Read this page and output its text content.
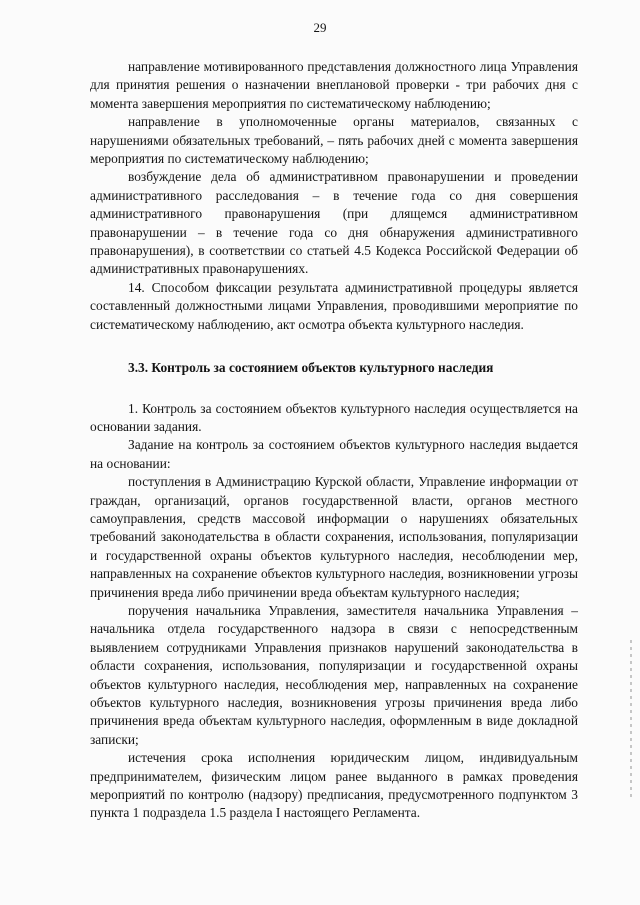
29

направление мотивированного представления должностного лица Управления для принятия решения о назначении внеплановой проверки - три рабочих дня с момента завершения мероприятия по систематическому наблюдению;

направление в уполномоченные органы материалов, связанных с нарушениями обязательных требований, – пять рабочих дней с момента завершения мероприятия по систематическому наблюдению;

возбуждение дела об административном правонарушении и проведении административного расследования – в течение года со дня совершения административного правонарушения (при длящемся административном правонарушении – в течение года со дня обнаружения административного правонарушения), в соответствии со статьей 4.5 Кодекса Российской Федерации об административных правонарушениях.

14. Способом фиксации результата административной процедуры является составленный должностными лицами Управления, проводившими мероприятие по систематическому наблюдению, акт осмотра объекта культурного наследия.

3.3. Контроль за состоянием объектов культурного наследия

1. Контроль за состоянием объектов культурного наследия осуществляется на основании задания.

Задание на контроль за состоянием объектов культурного наследия выдается на основании:

поступления в Администрацию Курской области, Управление информации от граждан, организаций, органов государственной власти, органов местного самоуправления, средств массовой информации о нарушениях обязательных требований законодательства в области сохранения, использования, популяризации и государственной охраны объектов культурного наследия, несоблюдении мер, направленных на сохранение объектов культурного наследия, возникновении угрозы причинения вреда либо причинении вреда объектам культурного наследия;

поручения начальника Управления, заместителя начальника Управления – начальника отдела государственного надзора в связи с непосредственным выявлением сотрудниками Управления признаков нарушений законодательства в области сохранения, использования, популяризации и государственной охраны объектов культурного наследия, несоблюдения мер, направленных на сохранение объектов культурного наследия, возникновения угрозы причинения вреда либо причинения вреда объектам культурного наследия, оформленным в виде докладной записки;

истечения срока исполнения юридическим лицом, индивидуальным предпринимателем, физическим лицом ранее выданного в рамках проведения мероприятий по контролю (надзору) предписания, предусмотренного подпунктом 3 пункта 1 подраздела 1.5 раздела I настоящего Регламента.
